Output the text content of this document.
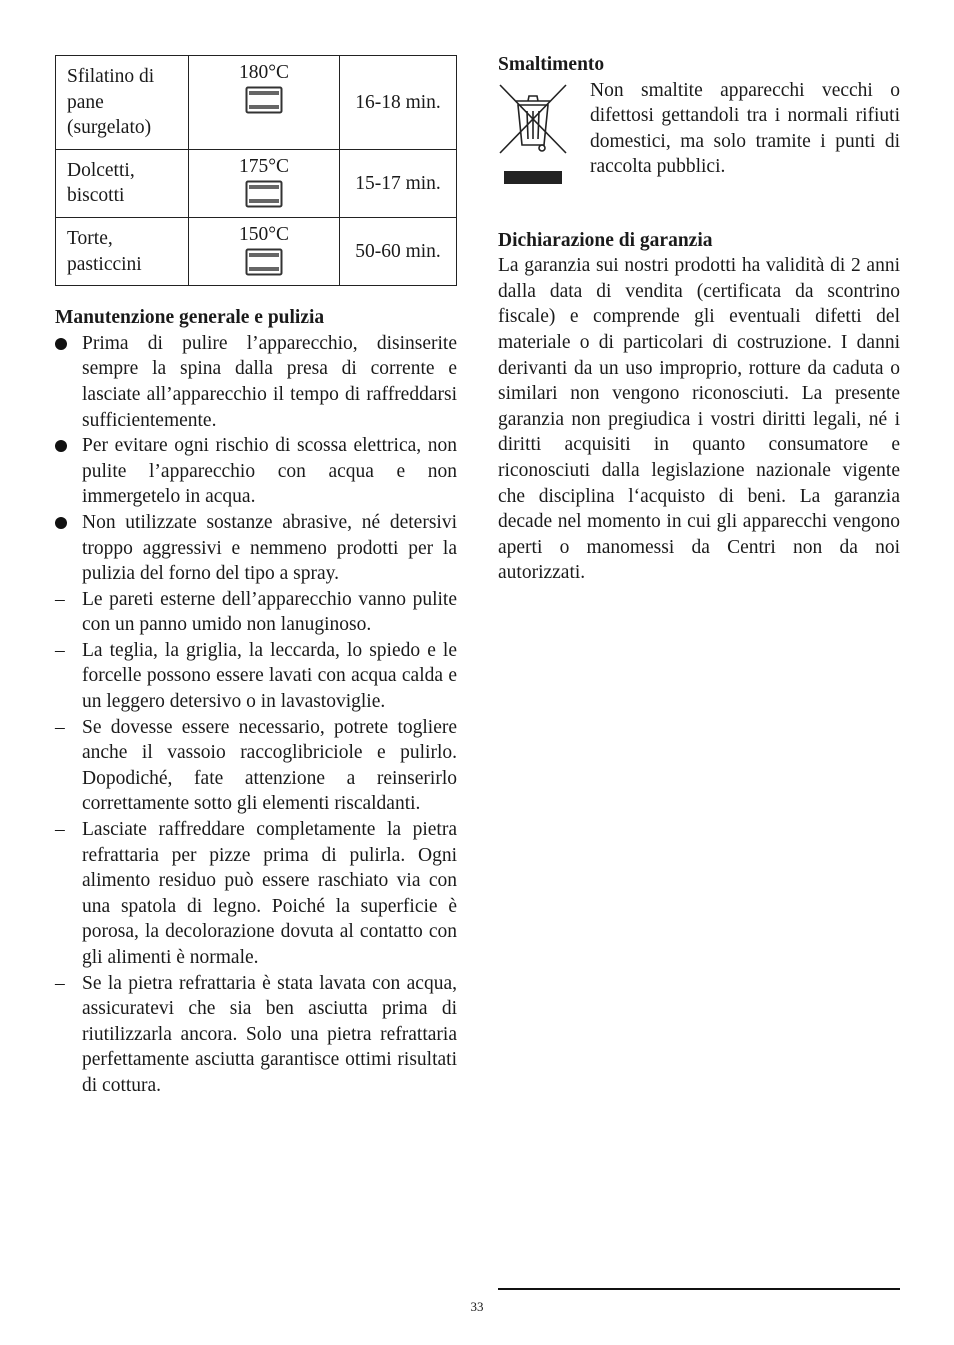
Sfilatino di pane (surgelato)	180°C	16-18 min.
Dolcetti, biscotti	175°C	15-17 min.
Torte, pasticcini	150°C	50-60 min.
Manutenzione generale e pulizia
Prima di pulire l’apparecchio, disinserite sempre la spina dalla presa di corrente e lasciate all’apparecchio il tempo di raffreddarsi sufficientemente.
Per evitare ogni rischio di scossa elettrica, non pulite l’apparecchio con acqua e non immergetelo in acqua.
Non utilizzate sostanze abrasive, né detersivi troppo aggressivi e nemmeno prodotti per la pulizia del forno del tipo a spray.
– Le pareti esterne dell’apparecchio vanno pulite con un panno umido non lanuginoso.
– La teglia, la griglia, la leccarda, lo spiedo e le forcelle possono essere lavati con acqua calda e un leggero detersivo o in lavastoviglie.
– Se dovesse essere necessario, potrete togliere anche il vassoio raccoglibriciole e pulirlo. Dopodiché, fate attenzione a reinserirlo correttamente sotto gli elementi riscaldanti.
– Lasciate raffreddare completamente la pietra refrattaria per pizze prima di pulirla. Ogni alimento residuo può essere raschiato via con una spatola di legno. Poiché la superficie è porosa, la decolorazione dovuta al contatto con gli alimenti è normale.
– Se la pietra refrattaria è stata lavata con acqua, assicuratevi che sia ben asciutta prima di riutilizzarla ancora. Solo una pietra refrattaria perfettamente asciutta garantisce ottimi risultati di cottura.
Smaltimento
Non smaltite apparecchi vecchi o difettosi gettandoli tra i normali rifiuti domestici, ma solo tramite i punti di raccolta pubblici.
Dichiarazione di garanzia

La garanzia sui nostri prodotti ha validità di 2 anni dalla data di vendita (certificata da scontrino fiscale) e comprende gli eventuali difetti del materiale o di particolari di costruzione. I danni derivanti da un uso improprio, rotture da caduta o similari non vengono riconosciuti. La presente garanzia non pregiudica i vostri diritti legali, né i diritti acquisiti in quanto consumatore e riconosciuti dalla legislazione nazionale vigente che disciplina l‘acquisto di beni. La garanzia decade nel momento in cui gli apparecchi vengono aperti o manomessi da Centri non da noi autorizzati.

33
